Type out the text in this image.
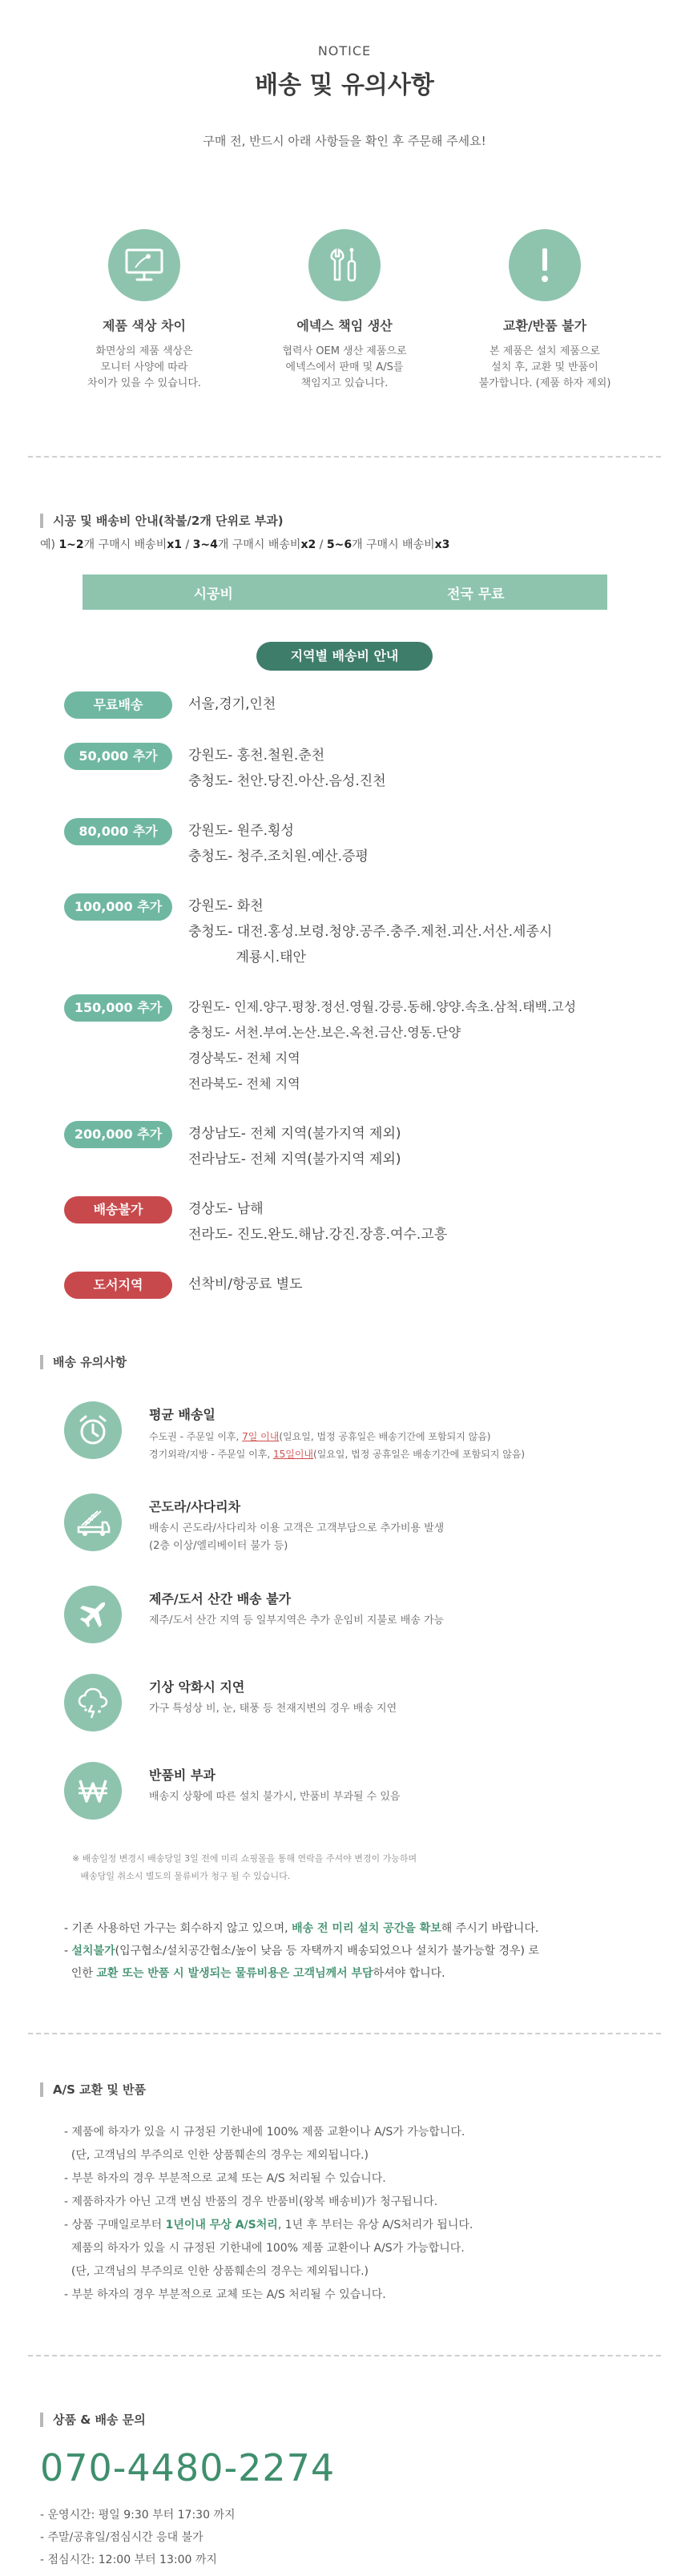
NOTICE
배송 및 유의사항
구매 전, 반드시 아래 사항들을 확인 후 주문해 주세요!
제품 색상 차이
화면상의 제품 색상은
모니터 사양에 따라
차이가 있을 수 있습니다.
에넥스 책임 생산
협력사 OEM 생산 제품으로
에넥스에서 판매 및 A/S를
책임지고 있습니다.
교환/반품 불가
본 제품은 설치 제품으로
설치 후, 교환 및 반품이
불가합니다. (제품 하자 제외)
시공 및 배송비 안내(착불/2개 단위로 부과)
예) 1~2개 구매시 배송비x1 / 3~4개 구매시 배송비x2 / 5~6개 구매시 배송비x3
시공비	전국 무료
지역별 배송비 안내
무료배송	서울,경기,인천
50,000 추가	강원도- 홍천.철원.춘천
충청도- 천안.당진.아산.음성.진천
80,000 추가	강원도- 원주.횡성
충청도- 청주.조치원.예산.증평
100,000 추가	강원도- 화천
충청도- 대전.홍성.보령.청양.공주.충주.제천.괴산.서산.세종시
계룡시.태안
150,000 추가	강원도- 인제.양구.평창.정선.영월.강릉.동해.양양.속초.삼척.태백.고성
충청도- 서천.부여.논산.보은.옥천.금산.영동.단양
경상북도- 전체 지역
전라북도- 전체 지역
200,000 추가	경상남도- 전체 지역(불가지역 제외)
전라남도- 전체 지역(불가지역 제외)
배송불가	경상도- 남해
전라도- 진도.완도.해남.강진.장흥.여수.고흥
도서지역	선착비/항공료 별도
배송 유의사항
평균 배송일
수도권 - 주문일 이후, 7일 이내(일요일, 법정 공휴일은 배송기간에 포함되지 않음)
경기외곽/지방 - 주문일 이후, 15일이내(일요일, 법정 공휴일은 배송기간에 포함되지 않음)
곤도라/사다리차
배송시 곤도라/사다리차 이용 고객은 고객부담으로 추가비용 발생
(2층 이상/엘리베이터 불가 등)
제주/도서 산간 배송 불가
제주/도서 산간 지역 등 일부지역은 추가 운임비 지불로 배송 가능
기상 악화시 지연
가구 특성상 비, 눈, 태풍 등 천재지변의 경우 배송 지연
반품비 부과
배송지 상황에 따른 설치 불가시, 반품비 부과될 수 있음
※ 배송일정 변경시 배송당일 3일 전에 미리 쇼핑몰을 통해 연락을 주셔야 변경이 가능하며
배송당일 취소시 별도의 물류비가 청구 될 수 있습니다.
- 기존 사용하던 가구는 회수하지 않고 있으며, 배송 전 미리 설치 공간을 확보해 주시기 바랍니다.
- 설치불가(입구협소/설치공간협소/높이 낮음 등 자택까지 배송되었으나 설치가 불가능할 경우) 로
인한 교환 또는 반품 시 발생되는 물류비용은 고객님께서 부담하셔야 합니다.
A/S 교환 및 반품
- 제품에 하자가 있을 시 규정된 기한내에 100% 제품 교환이나 A/S가 가능합니다.
(단, 고객님의 부주의로 인한 상품훼손의 경우는 제외됩니다.)
- 부분 하자의 경우 부분적으로 교체 또는 A/S 처리될 수 있습니다.
- 제품하자가 아닌 고객 변심 반품의 경우 반품비(왕복 배송비)가 청구됩니다.
- 상품 구매일로부터 1년이내 무상 A/S처리, 1년 후 부터는 유상 A/S처리가 됩니다.
제품의 하자가 있을 시 규정된 기한내에 100% 제품 교환이나 A/S가 가능합니다.
(단, 고객님의 부주의로 인한 상품훼손의 경우는 제외됩니다.)
- 부분 하자의 경우 부분적으로 교체 또는 A/S 처리될 수 있습니다.
상품 & 배송 문의
070-4480-2274
- 운영시간: 평일 9:30 부터 17:30 까지
- 주말/공휴일/점심시간 응대 불가
- 점심시간: 12:00 부터 13:00 까지
